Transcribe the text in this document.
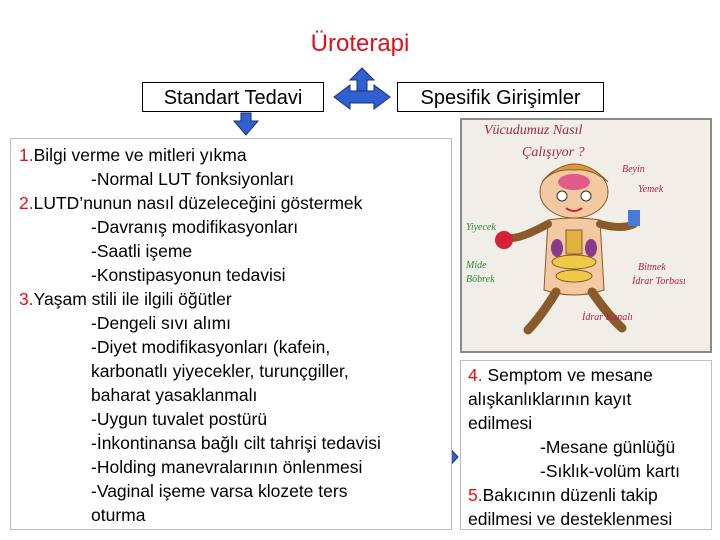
Üroterapi
Standart Tedavi	Spesifik Girişimler
1.Bilgi verme ve mitleri yıkma
-Normal LUT fonksiyonları
2.LUTD’nunun nasıl düzeleceğini göstermek
-Davranış modifikasyonları
-Saatli işeme
-Konstipasyonun tedavisi
3.Yaşam stili ile ilgili öğütler
-Dengeli sıvı alımı
-Diyet modifikasyonları (kafein,
karbonatlı yiyecekler, turunçgiller,
baharat yasaklanmalı
-Uygun tuvalet postürü
-İnkontinansa bağlı cilt tahrişi tedavisi
-Holding manevralarının önlenmesi
-Vaginal işeme varsa klozete ters
oturma
Vücudumuz Nasıl
Çalışıyor ?
Beyin
Yemek
Yiyecek
Mide
Böbrek
Bitmek
İdrar Torbası
İdrar Kanalı
4. Semptom ve mesane
alışkanlıklarının kayıt
edilmesi
-Mesane günlüğü
-Sıklık-volüm kartı
5.Bakıcının düzenli takip
edilmesi ve desteklenmesi
